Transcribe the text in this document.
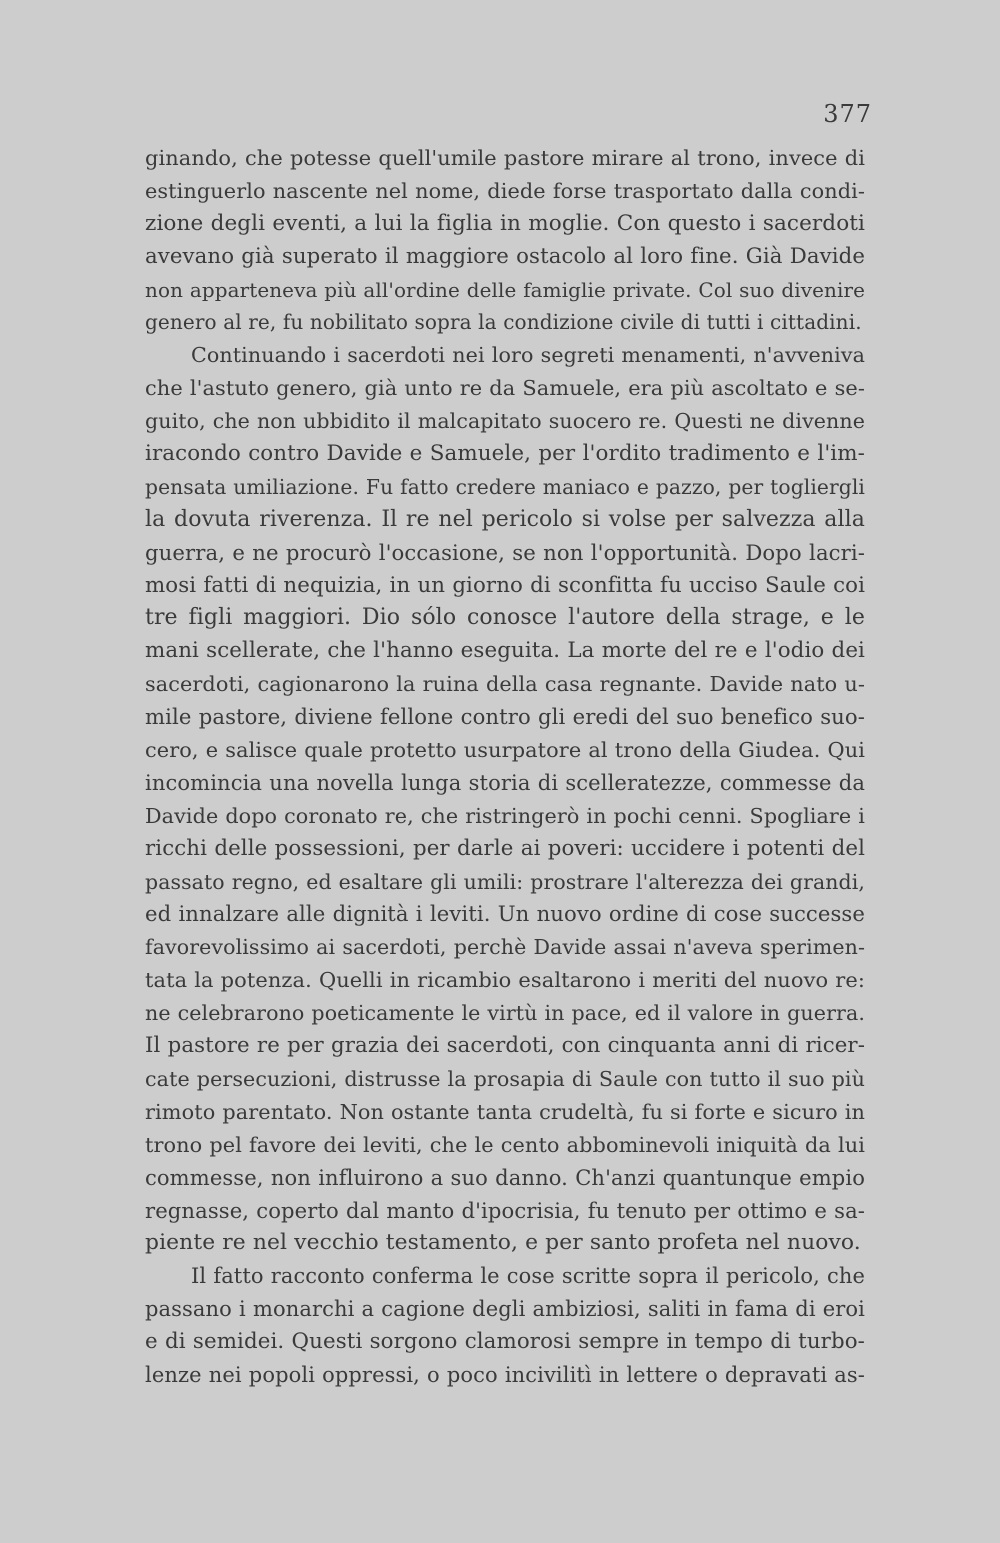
377
ginando, che potesse quell'umile pastore mirare al trono, invece di
estinguerlo nascente nel nome, diede forse trasportato dalla condi-
zione degli eventi, a lui la figlia in moglie. Con questo i sacerdoti
avevano già superato il maggiore ostacolo al loro fine. Già Davide
non apparteneva più all'ordine delle famiglie private. Col suo divenire
genero al re, fu nobilitato sopra la condizione civile di tutti i cittadini.
Continuando i sacerdoti nei loro segreti menamenti, n'avveniva
che l'astuto genero, già unto re da Samuele, era più ascoltato e se-
guito, che non ubbidito il malcapitato suocero re. Questi ne divenne
iracondo contro Davide e Samuele, per l'ordito tradimento e l'im-
pensata umiliazione. Fu fatto credere maniaco e pazzo, per togliergli
la dovuta riverenza. Il re nel pericolo si volse per salvezza alla
guerra, e ne procurò l'occasione, se non l'opportunità. Dopo lacri-
mosi fatti di nequizia, in un giorno di sconfitta fu ucciso Saule coi
tre figli maggiori. Dio sólo conosce l'autore della strage, e le
mani scellerate, che l'hanno eseguita. La morte del re e l'odio dei
sacerdoti, cagionarono la ruina della casa regnante. Davide nato u-
mile pastore, diviene fellone contro gli eredi del suo benefico suo-
cero, e salisce quale protetto usurpatore al trono della Giudea. Qui
incomincia una novella lunga storia di scelleratezze, commesse da
Davide dopo coronato re, che ristringerò in pochi cenni. Spogliare i
ricchi delle possessioni, per darle ai poveri: uccidere i potenti del
passato regno, ed esaltare gli umili: prostrare l'alterezza dei grandi,
ed innalzare alle dignità i leviti. Un nuovo ordine di cose successe
favorevolissimo ai sacerdoti, perchè Davide assai n'aveva sperimen-
tata la potenza. Quelli in ricambio esaltarono i meriti del nuovo re:
ne celebrarono poeticamente le virtù in pace, ed il valore in guerra.
Il pastore re per grazia dei sacerdoti, con cinquanta anni di ricer-
cate persecuzioni, distrusse la prosapia di Saule con tutto il suo più
rimoto parentato. Non ostante tanta crudeltà, fu si forte e sicuro in
trono pel favore dei leviti, che le cento abbominevoli iniquità da lui
commesse, non influirono a suo danno. Ch'anzi quantunque empio
regnasse, coperto dal manto d'ipocrisia, fu tenuto per ottimo e sa-
piente re nel vecchio testamento, e per santo profeta nel nuovo.
Il fatto racconto conferma le cose scritte sopra il pericolo, che
passano i monarchi a cagione degli ambiziosi, saliti in fama di eroi
e di semidei. Questi sorgono clamorosi sempre in tempo di turbo-
lenze nei popoli oppressi, o poco incivilitì in lettere o depravati as-
